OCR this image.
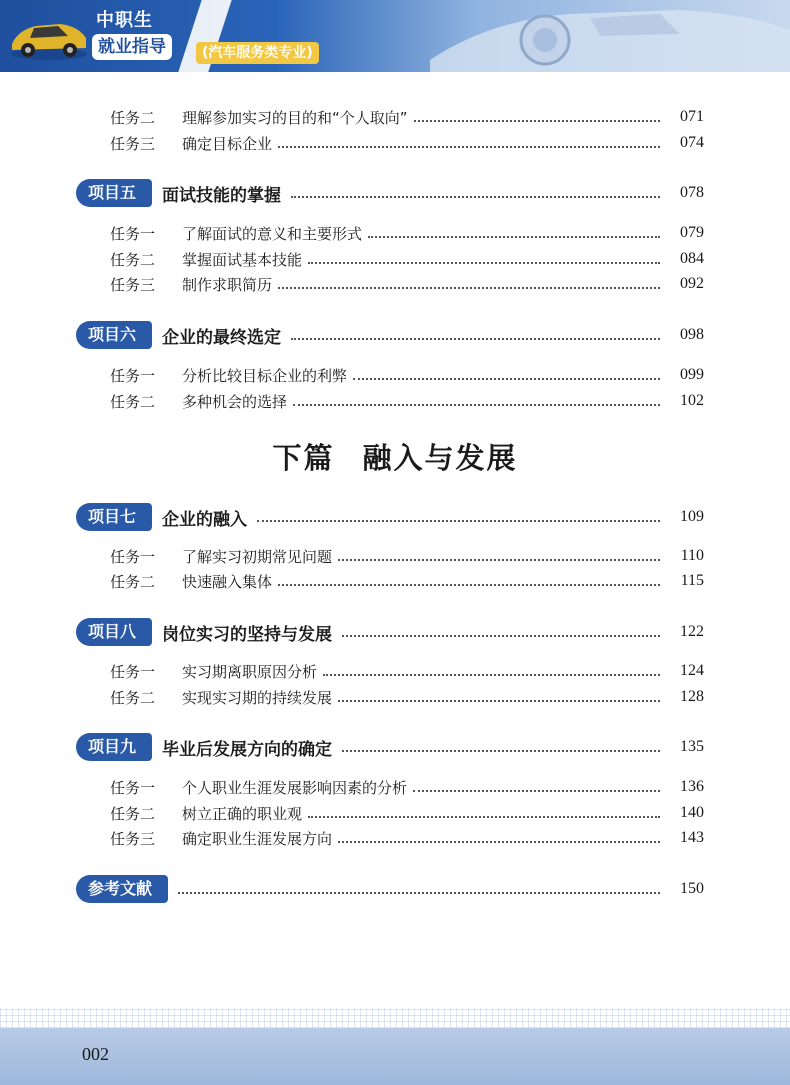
中职生
就业指导	(汽车服务类专业)
任务二	理解参加实习的目的和“个人取向”	071
任务三	确定目标企业	074
项目五	面试技能的掌握	078
任务一	了解面试的意义和主要形式	079
任务二	掌握面试基本技能	084
任务三	制作求职简历	092
项目六	企业的最终选定	098
任务一	分析比较目标企业的利弊	099
任务二	多种机会的选择	102
下篇 融入与发展
项目七	企业的融入	109
任务一	了解实习初期常见问题	110
任务二	快速融入集体	115
项目八	岗位实习的坚持与发展	122
任务一	实习期离职原因分析	124
任务二	实现实习期的持续发展	128
项目九	毕业后发展方向的确定	135
任务一	个人职业生涯发展影响因素的分析	136
任务二	树立正确的职业观	140
任务三	确定职业生涯发展方向	143
参考文献	150
002
